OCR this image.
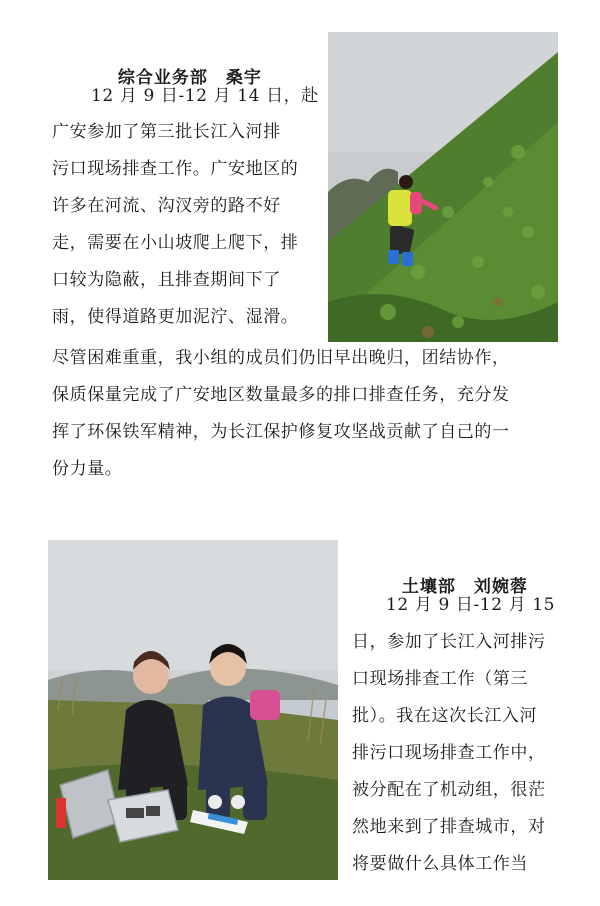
综合业务部　 桑宇

12 月 9 日-12 月 14 日，赴

广安参加了第三批长江入河排

污口现场排查工作。广安地区的

许多在河流、沟汊旁的路不好

走，需要在小山坡爬上爬下，排

口较为隐蔽，且排查期间下了

雨，使得道路更加泥泞、湿滑。

尽管困难重重，我小组的成员们仍旧早出晚归，团结协作，

保质保量完成了广安地区数量最多的排口排查任务，充分发

挥了环保铁军精神，为长江保护修复攻坚战贡献了自己的一

份力量。

土壤部　 刘婉蓉

12 月 9 日-12 月 15

日，参加了长江入河排污

口现场排查工作（第三

批）。我在这次长江入河

排污口现场排查工作中，

被分配在了机动组，很茫

然地来到了排查城市，对

将要做什么具体工作当
